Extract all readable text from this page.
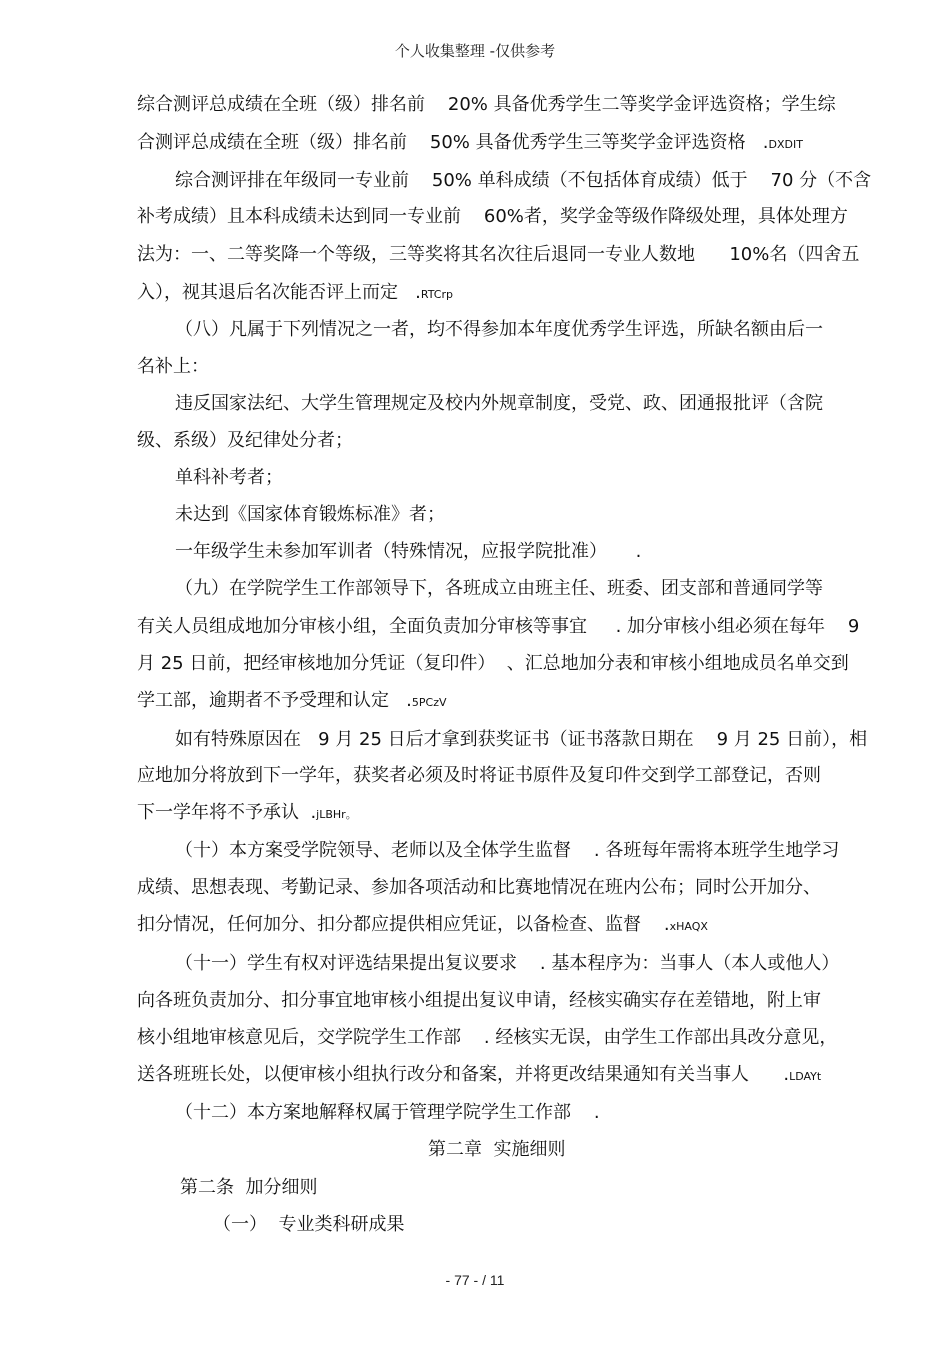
个人收集整理 -仅供参考
综合测评总成绩在全班（级）排名前    20% 具备优秀学生二等奖学金评选资格；学生综
合测评总成绩在全班（级）排名前    50% 具备优秀学生三等奖学金评选资格   .DXDIT
综合测评排在年级同一专业前    50% 单科成绩（不包括体育成绩）低于    70 分（不含
补考成绩）且本科成绩未达到同一专业前    60%者，奖学金等级作降级处理，具体处理方
法为：一、二等奖降一个等级，三等奖将其名次往后退同一专业人数地      10%名（四舍五
入），视其退后名次能否评上而定   .RTCrp
（八）凡属于下列情况之一者，均不得参加本年度优秀学生评选，所缺名额由后一
名补上：
违反国家法纪、大学生管理规定及校内外规章制度，受党、政、团通报批评（含院
级、系级）及纪律处分者；
单科补考者；
未达到《国家体育锻炼标准》者；
一年级学生未参加军训者（特殊情况，应报学院批准）     .
（九）在学院学生工作部领导下，各班成立由班主任、班委、团支部和普通同学等
有关人员组成地加分审核小组，全面负责加分审核等事宜     . 加分审核小组必须在每年    9
月 25 日前，把经审核地加分凭证（复印件）  、汇总地加分表和审核小组地成员名单交到
学工部，逾期者不予受理和认定   .5PCzV
如有特殊原因在   9 月 25 日后才拿到获奖证书（证书落款日期在    9 月 25 日前），相
应地加分将放到下一学年，获奖者必须及时将证书原件及复印件交到学工部登记，否则
下一学年将不予承认  .jLBHr。
（十）本方案受学院领导、老师以及全体学生监督    . 各班每年需将本班学生地学习
成绩、思想表现、考勤记录、参加各项活动和比赛地情况在班内公布；同时公开加分、
扣分情况，任何加分、扣分都应提供相应凭证，以备检查、监督    .xHAQX
（十一）学生有权对评选结果提出复议要求    . 基本程序为：当事人（本人或他人）
向各班负责加分、扣分事宜地审核小组提出复议申请，经核实确实存在差错地，附上审
核小组地审核意见后，交学院学生工作部    . 经核实无误，由学生工作部出具改分意见，
送各班班长处，以便审核小组执行改分和备案，并将更改结果通知有关当事人      .LDAYt
（十二）本方案地解释权属于管理学院学生工作部    .
第二章  实施细则
第二条  加分细则
（一）  专业类科研成果
- 77 - / 11
